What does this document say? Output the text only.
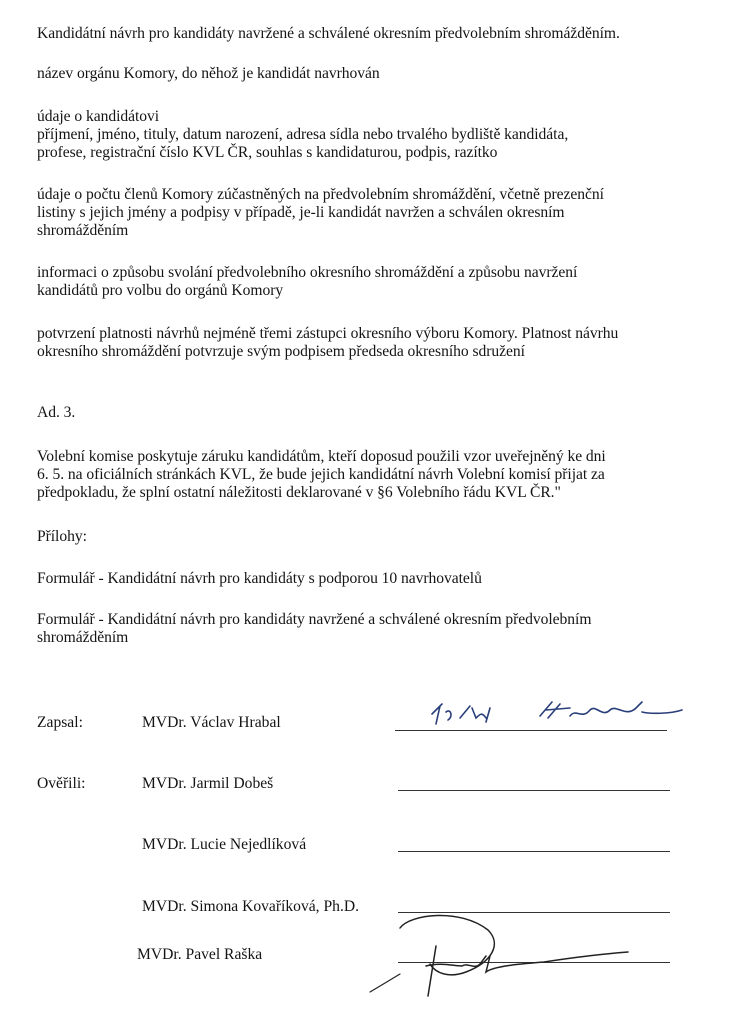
Kandidátní návrh pro kandidáty navržené a schválené okresním předvolebním shromážděním.
název orgánu Komory, do něhož je kandidát navrhován
údaje o kandidátovi
příjmení, jméno, tituly, datum narození, adresa sídla nebo trvalého bydliště kandidáta,
profese, registrační číslo KVL ČR, souhlas s kandidaturou, podpis, razítko
údaje o počtu členů Komory zúčastněných na předvolebním shromáždění, včetně prezenční
listiny s jejich jmény a podpisy v případě, je-li kandidát navržen a schválen okresním
shromážděním
informaci o způsobu svolání předvolebního okresního shromáždění a způsobu navržení
kandidátů pro volbu do orgánů Komory
potvrzení platnosti návrhů nejméně třemi zástupci okresního výboru Komory. Platnost návrhu
okresního shromáždění potvrzuje svým podpisem předseda okresního sdružení
Ad. 3.
Volební komise poskytuje záruku kandidátům, kteří doposud použili vzor uveřejněný ke dni
6. 5. na oficiálních stránkách KVL, že bude jejich kandidátní návrh Volební komisí přijat za
předpokladu, že splní ostatní náležitosti deklarované v §6 Volebního řádu KVL ČR."
Přílohy:
Formulář - Kandidátní návrh pro kandidáty s podporou 10 navrhovatelů
Formulář - Kandidátní návrh pro kandidáty navržené a schválené okresním předvolebním
shromážděním
Zapsal:	MVDr. Václav Hrabal
Ověřili:	MVDr. Jarmil Dobeš
MVDr. Lucie Nejedlíková
MVDr. Simona Kovaříková, Ph.D.
MVDr. Pavel Raška
